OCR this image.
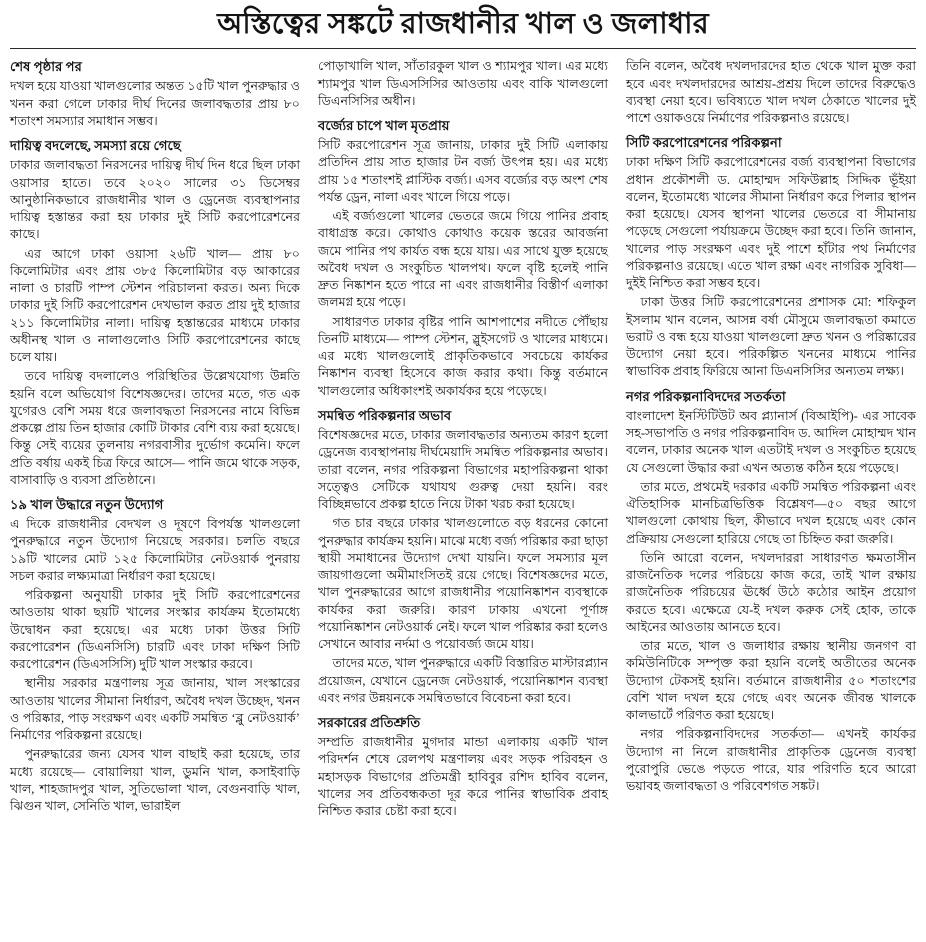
অস্তিত্বের সঙ্কটে রাজধানীর খাল ও জলাধার
শেষ পৃষ্ঠার পর

দখল হয়ে যাওয়া খালগুলোর অন্তত ১৫টি খাল পুনরুদ্ধার ও খনন করা গেলে ঢাকার দীর্ঘ দিনের জলাবদ্ধতার প্রায় ৮০ শতাংশ সমস্যার সমাধান সম্ভব।

দায়িত্ব বদলেছে, সমস্যা রয়ে গেছে

ঢাকার জলাবদ্ধতা নিরসনের দায়িত্ব দীর্ঘ দিন ধরে ছিল ঢাকা ওয়াসার হাতে। তবে ২০২০ সালের ৩১ ডিসেম্বর আনুষ্ঠানিকভাবে রাজধানীর খাল ও ড্রেনেজ ব্যবস্থাপনার দায়িত্ব হস্তান্তর করা হয় ঢাকার দুই সিটি করপোরেশনের কাছে।

এর আগে ঢাকা ওয়াসা ২৬টি খাল— প্রায় ৮০ কিলোমিটার এবং প্রায় ৩৮৫ কিলোমিটার বড় আকারের নালা ও চারটি পাম্প স্টেশন পরিচালনা করত। অন্য দিকে ঢাকার দুই সিটি করপোরেশন দেখভাল করত প্রায় দুই হাজার ২১১ কিলোমিটার নালা। দায়িত্ব হস্তান্তরের মাধ্যমে ঢাকার অধীনস্থ খাল ও নালাগুলোও সিটি করপোরেশনের কাছে চলে যায়।

তবে দায়িত্ব বদলালেও পরিস্থিতির উল্লেখযোগ্য উন্নতি হয়নি বলে অভিযোগ বিশেষজ্ঞদের। তাদের মতে, গত এক যুগেরও বেশি সময় ধরে জলাবদ্ধতা নিরসনের নামে বিভিন্ন প্রকল্পে প্রায় তিন হাজার কোটি টাকার বেশি ব্যয় করা হয়েছে। কিন্তু সেই ব্যয়ের তুলনায় নগরবাসীর দুর্ভোগ কমেনি। ফলে প্রতি বর্ষায় একই চিত্র ফিরে আসে— পানি জমে থাকে সড়ক, বাসাবাড়ি ও ব্যবসা প্রতিষ্ঠানে।

১৯ খাল উদ্ধারে নতুন উদ্যোগ

এ দিকে রাজধানীর বেদখল ও দূষণে বিপর্যস্ত খালগুলো পুনরুদ্ধারে নতুন উদ্যোগ নিয়েছে সরকার। চলতি বছরে ১৯টি খালের মোট ১২৫ কিলোমিটার নেটওয়ার্ক পুনরায় সচল করার লক্ষ্যমাত্রা নির্ধারণ করা হয়েছে।

পরিকল্পনা অনুযায়ী ঢাকার দুই সিটি করপোরেশনের আওতায় থাকা ছয়টি খালের সংস্কার কার্যক্রম ইতোমধ্যে উদ্বোধন করা হয়েছে। এর মধ্যে ঢাকা উত্তর সিটি করপোরেশন (ডিএনসিসি) চারটি এবং ঢাকা দক্ষিণ সিটি করপোরেশন (ডিএসসিসি) দুটি খাল সংস্কার করবে।

স্থানীয় সরকার মন্ত্রণালয় সূত্র জানায়, খাল সংস্কারের আওতায় খালের সীমানা নির্ধারণ, অবৈধ দখল উচ্ছেদ, খনন ও পরিষ্কার, পাড় সংরক্ষণ এবং একটি সমন্বিত ‘ব্লু নেটওয়ার্ক’ নির্মাণের পরিকল্পনা রয়েছে।

পুনরুদ্ধারের জন্য যেসব খাল বাছাই করা হয়েছে, তার মধ্যে রয়েছে— বোয়ালিয়া খাল, ডুমনি খাল, কসাইবাড়ি খাল, শাহজাদপুর খাল, সুতিভোলা খাল, বেগুনবাড়ি খাল, ঝিগুন খাল, সেনিতি খাল, ভারাইল

পোড়াখালি খাল, সাঁতারকুল খাল ও শ্যামপুর খাল। এর মধ্যে শ্যামপুর খাল ডিএসসিসির আওতায় এবং বাকি খালগুলো ডিএনসিসির অধীন।

বর্জ্যের চাপে খাল মৃতপ্রায়

সিটি করপোরেশন সূত্র জানায়, ঢাকার দুই সিটি এলাকায় প্রতিদিন প্রায় সাত হাজার টন বর্জ্য উৎপন্ন হয়। এর মধ্যে প্রায় ১৫ শতাংশই প্লাস্টিক বর্জ্য। এসব বর্জ্যের বড় অংশ শেষ পর্যন্ত ড্রেন, নালা এবং খালে গিয়ে পড়ে।

এই বর্জ্যগুলো খালের ভেতরে জমে গিয়ে পানির প্রবাহ বাধাগ্রস্ত করে। কোথাও কোথাও কয়েক স্তরের আবর্জনা জমে পানির পথ কার্যত বন্ধ হয়ে যায়। এর সাথে যুক্ত হয়েছে অবৈধ দখল ও সংকুচিত খালপথ। ফলে বৃষ্টি হলেই পানি দ্রুত নিষ্কাশন হতে পারে না এবং রাজধানীর বিস্তীর্ণ এলাকা জলমগ্ন হয়ে পড়ে।

সাধারণত ঢাকার বৃষ্টির পানি আশপাশের নদীতে পৌঁছায় তিনটি মাধ্যমে— পাম্প স্টেশন, স্লুইসগেট ও খালের মাধ্যমে। এর মধ্যে খালগুলোই প্রাকৃতিকভাবে সবচেয়ে কার্যকর নিষ্কাশন ব্যবস্থা হিসেবে কাজ করার কথা। কিন্তু বর্তমানে খালগুলোর অধিকাংশই অকার্যকর হয়ে পড়েছে।

সমন্বিত পরিকল্পনার অভাব

বিশেষজ্ঞদের মতে, ঢাকার জলাবদ্ধতার অন্যতম কারণ হলো ড্রেনেজ ব্যবস্থাপনায় দীর্ঘমেয়াদি সমন্বিত পরিকল্পনার অভাব। তারা বলেন, নগর পরিকল্পনা বিভাগের মহাপরিকল্পনা থাকা সত্ত্বেও সেটিকে যথাযথ গুরুত্ব দেয়া হয়নি। বরং বিচ্ছিন্নভাবে প্রকল্প হাতে নিয়ে টাকা খরচ করা হয়েছে।

গত চার বছরে ঢাকার খালগুলোতে বড় ধরনের কোনো পুনরুদ্ধার কার্যক্রম হয়নি। মাঝে মধ্যে বর্জ্য পরিষ্কার করা ছাড়া স্থায়ী সমাধানের উদ্যোগ দেখা যায়নি। ফলে সমস্যার মূল জায়গাগুলো অমীমাংসিতই রয়ে গেছে। বিশেষজ্ঞদের মতে, খাল পুনরুদ্ধারের আগে রাজধানীর পয়োনিষ্কাশন ব্যবস্থাকে কার্যকর করা জরুরি। কারণ ঢাকায় এখনো পূর্ণাঙ্গ পয়োনিষ্কাশন নেটওয়ার্ক নেই। ফলে খাল পরিষ্কার করা হলেও সেখানে আবার নর্দমা ও পয়োবর্জ্য জমে যায়।

তাদের মতে, খাল পুনরুদ্ধারে একটি বিস্তারিত মাস্টারপ্ল্যান প্রয়োজন, যেখানে ড্রেনেজ নেটওয়ার্ক, পয়োনিষ্কাশন ব্যবস্থা এবং নগর উন্নয়নকে সমন্বিতভাবে বিবেচনা করা হবে।

সরকারের প্রতিশ্রুতি

সম্প্রতি রাজধানীর মুগদার মান্ডা এলাকায় একটি খাল পরিদর্শন শেষে রেলপথ মন্ত্রণালয় এবং সড়ক পরিবহন ও মহাসড়ক বিভাগের প্রতিমন্ত্রী হাবিবুর রশিদ হাবিব বলেন, খালের সব প্রতিবন্ধকতা দূর করে পানির স্বাভাবিক প্রবাহ নিশ্চিত করার চেষ্টা করা হবে।

তিনি বলেন, অবৈধ দখলদারদের হাত থেকে খাল মুক্ত করা হবে এবং দখলদারদের আশ্রয়-প্রশ্রয় দিলে তাদের বিরুদ্ধেও ব্যবস্থা নেয়া হবে। ভবিষ্যতে খাল দখল ঠেকাতে খালের দুই পাশে ওয়াকওয়ে নির্মাণের পরিকল্পনাও রয়েছে।

সিটি করপোরেশনের পরিকল্পনা

ঢাকা দক্ষিণ সিটি করপোরেশনের বর্জ্য ব্যবস্থাপনা বিভাগের প্রধান প্রকৌশলী ড. মোহাম্মদ সফিউল্লাহ সিদ্দিক ভূঁইয়া বলেন, ইতোমধ্যে খালের সীমানা নির্ধারণ করে পিলার স্থাপন করা হয়েছে। যেসব স্থাপনা খালের ভেতরে বা সীমানায় পড়েছে সেগুলো পর্যায়ক্রমে উচ্ছেদ করা হবে। তিনি জানান, খালের পাড় সংরক্ষণ এবং দুই পাশে হাঁটার পথ নির্মাণের পরিকল্পনাও রয়েছে। এতে খাল রক্ষা এবং নাগরিক সুবিধা— দুইই নিশ্চিত করা সম্ভব হবে।

ঢাকা উত্তর সিটি করপোরেশনের প্রশাসক মো: শফিকুল ইসলাম খান বলেন, আসন্ন বর্ষা মৌসুমে জলাবদ্ধতা কমাতে ভরাট ও বন্ধ হয়ে যাওয়া খালগুলো দ্রুত খনন ও পরিষ্কারের উদ্যোগ নেয়া হবে। পরিকল্পিত খননের মাধ্যমে পানির স্বাভাবিক প্রবাহ ফিরিয়ে আনা ডিএনসিসির অন্যতম লক্ষ্য।

নগর পরিকল্পনাবিদদের সতর্কতা

বাংলাদেশ ইনস্টিটিউট অব প্ল্যানার্স (বিআইপি)- এর সাবেক সহ-সভাপতি ও নগর পরিকল্পনাবিদ ড. আদিল মোহাম্মদ খান বলেন, ঢাকার অনেক খাল এতটাই দখল ও সংকুচিত হয়েছে যে সেগুলো উদ্ধার করা এখন অত্যন্ত কঠিন হয়ে পড়েছে।

তার মতে, প্রথমেই দরকার একটি সমন্বিত পরিকল্পনা এবং ঐতিহাসিক মানচিত্রভিত্তিক বিশ্লেষণ—৫০ বছর আগে খালগুলো কোথায় ছিল, কীভাবে দখল হয়েছে এবং কোন প্রক্রিয়ায় সেগুলো হারিয়ে গেছে তা চিহ্নিত করা জরুরি।

তিনি আরো বলেন, দখলদাররা সাধারণত ক্ষমতাসীন রাজনৈতিক দলের পরিচয়ে কাজ করে, তাই খাল রক্ষায় রাজনৈতিক পরিচয়ের ঊর্ধ্বে উঠে কঠোর আইন প্রয়োগ করতে হবে। এক্ষেত্রে যে-ই দখল করুক সেই হোক, তাকে আইনের আওতায় আনতে হবে।

তার মতে, খাল ও জলাধার রক্ষায় স্থানীয় জনগণ বা কমিউনিটিকে সম্পৃক্ত করা হয়নি বলেই অতীতের অনেক উদ্যোগ টেকসই হয়নি। বর্তমানে রাজধানীর ৫০ শতাংশের বেশি খাল দখল হয়ে গেছে এবং অনেক জীবন্ত খালকে কালভার্টে পরিণত করা হয়েছে।

নগর পরিকল্পনাবিদদের সতর্কতা— এখনই কার্যকর উদ্যোগ না নিলে রাজধানীর প্রাকৃতিক ড্রেনেজ ব্যবস্থা পুরোপুরি ভেঙে পড়তে পারে, যার পরিণতি হবে আরো ভয়াবহ জলাবদ্ধতা ও পরিবেশগত সঙ্কট।
